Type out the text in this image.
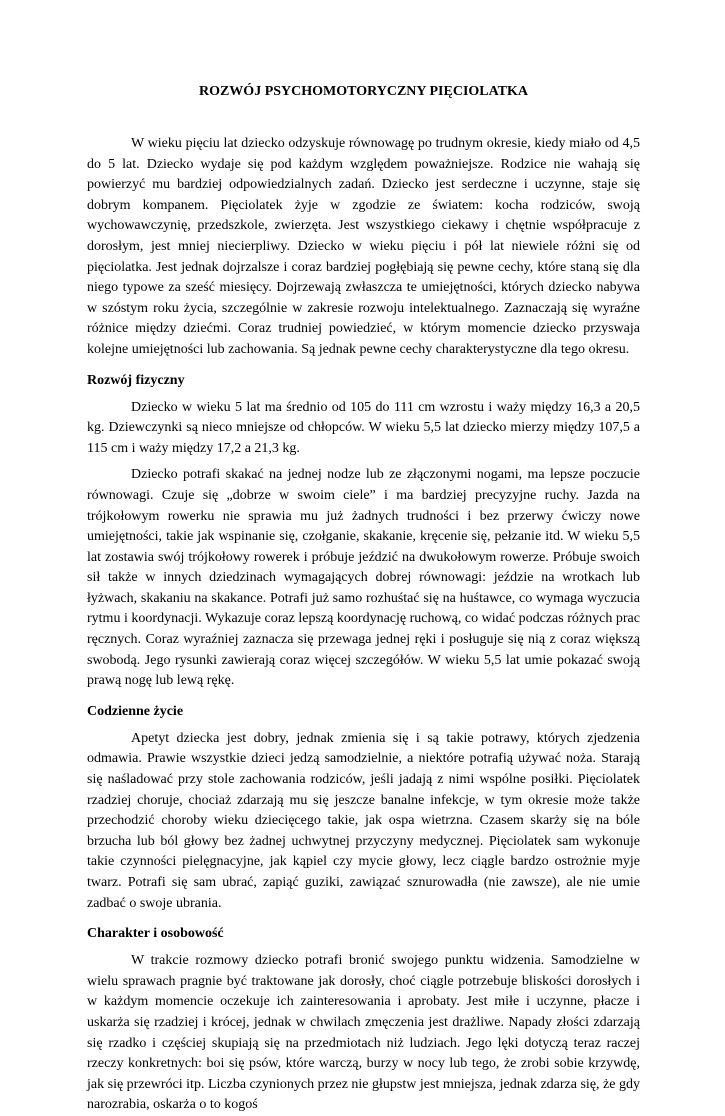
ROZWÓJ PSYCHOMOTORYCZNY PIĘCIOLATKA

W wieku pięciu lat dziecko odzyskuje równowagę po trudnym okresie, kiedy miało od 4,5 do 5 lat. Dziecko wydaje się pod każdym względem poważniejsze. Rodzice nie wahają się powierzyć mu bardziej odpowiedzialnych zadań. Dziecko jest serdeczne i uczynne, staje się dobrym kompanem. Pięciolatek żyje w zgodzie ze światem: kocha rodziców, swoją wychowawczynię, przedszkole, zwierzęta. Jest wszystkiego ciekawy i chętnie współpracuje z dorosłym, jest mniej niecierpliwy. Dziecko w wieku pięciu i pół lat niewiele różni się od pięciolatka. Jest jednak dojrzalsze i coraz bardziej pogłębiają się pewne cechy, które staną się dla niego typowe za sześć miesięcy. Dojrzewają zwłaszcza te umiejętności, których dziecko nabywa w szóstym roku życia, szczególnie w zakresie rozwoju intelektualnego. Zaznaczają się wyraźne różnice między dziećmi. Coraz trudniej powiedzieć, w którym momencie dziecko przyswaja kolejne umiejętności lub zachowania. Są jednak pewne cechy charakterystyczne dla tego okresu.

Rozwój fizyczny

Dziecko w wieku 5 lat ma średnio od 105 do 111 cm wzrostu i waży między 16,3 a 20,5 kg. Dziewczynki są nieco mniejsze od chłopców. W wieku 5,5 lat dziecko mierzy między 107,5 a 115 cm i waży między 17,2 a 21,3 kg.

Dziecko potrafi skakać na jednej nodze lub ze złączonymi nogami, ma lepsze poczucie równowagi. Czuje się „dobrze w swoim ciele” i ma bardziej precyzyjne ruchy. Jazda na trójkołowym rowerku nie sprawia mu już żadnych trudności i bez przerwy ćwiczy nowe umiejętności, takie jak wspinanie się, czołganie, skakanie, kręcenie się, pełzanie itd. W wieku 5,5 lat zostawia swój trójkołowy rowerek i próbuje jeździć na dwukołowym rowerze. Próbuje swoich sił także w innych dziedzinach wymagających dobrej równowagi: jeździe na wrotkach lub łyżwach, skakaniu na skakance. Potrafi już samo rozhuśtać się na huśtawce, co wymaga wyczucia rytmu i koordynacji. Wykazuje coraz lepszą koordynację ruchową, co widać podczas różnych prac ręcznych. Coraz wyraźniej zaznacza się przewaga jednej ręki i posługuje się nią z coraz większą swobodą. Jego rysunki zawierają coraz więcej szczegółów. W wieku 5,5 lat umie pokazać swoją prawą nogę lub lewą rękę.

Codzienne życie

Apetyt dziecka jest dobry, jednak zmienia się i są takie potrawy, których zjedzenia odmawia. Prawie wszystkie dzieci jedzą samodzielnie, a niektóre potrafią używać noża. Starają się naśladować przy stole zachowania rodziców, jeśli jadają z nimi wspólne posiłki. Pięciolatek rzadziej choruje, chociaż zdarzają mu się jeszcze banalne infekcje, w tym okresie może także przechodzić choroby wieku dziecięcego takie, jak ospa wietrzna. Czasem skarży się na bóle brzucha lub ból głowy bez żadnej uchwytnej przyczyny medycznej. Pięciolatek sam wykonuje takie czynności pielęgnacyjne, jak kąpiel czy mycie głowy, lecz ciągle bardzo ostrożnie myje twarz. Potrafi się sam ubrać, zapiąć guziki, zawiązać sznurowadła (nie zawsze), ale nie umie zadbać o swoje ubrania.

Charakter i osobowość

W trakcie rozmowy dziecko potrafi bronić swojego punktu widzenia. Samodzielne w wielu sprawach pragnie być traktowane jak dorosły, choć ciągle potrzebuje bliskości dorosłych i w każdym momencie oczekuje ich zainteresowania i aprobaty. Jest miłe i uczynne, płacze i uskarża się rzadziej i krócej, jednak w chwilach zmęczenia jest drażliwe. Napady złości zdarzają się rzadko i częściej skupiają się na przedmiotach niż ludziach. Jego lęki dotyczą teraz raczej rzeczy konkretnych: boi się psów, które warczą, burzy w nocy lub tego, że zrobi sobie krzywdę, jak się przewróci itp. Liczba czynionych przez nie głupstw jest mniejsza, jednak zdarza się, że gdy narozrabia, oskarża o to kogoś
